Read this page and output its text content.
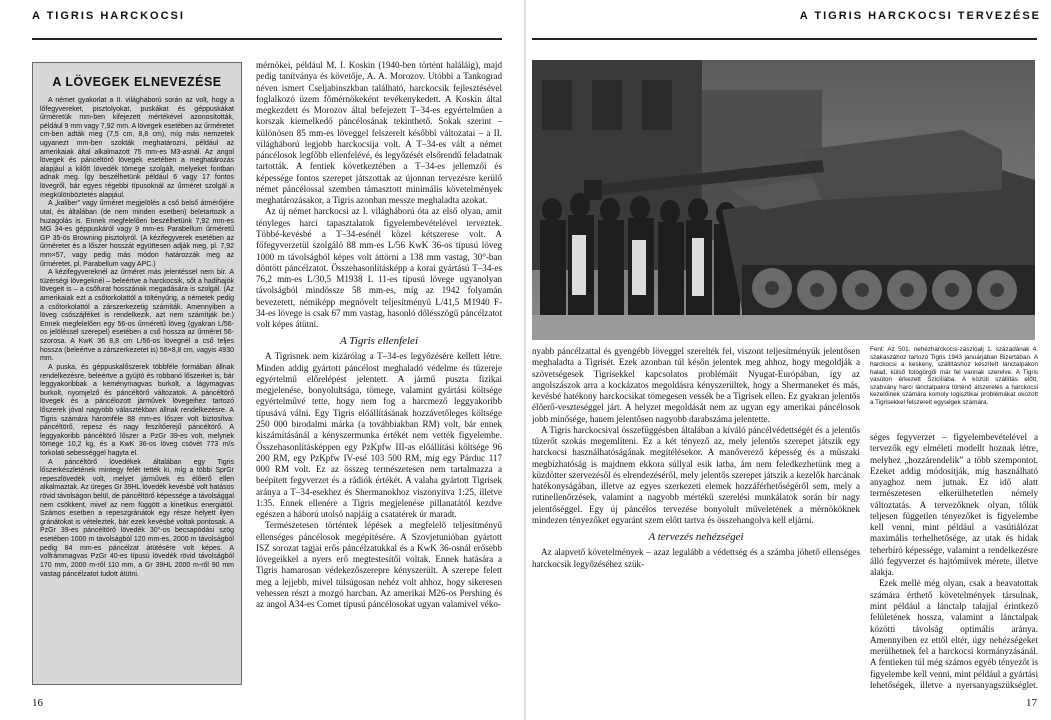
A TIGRIS HARCKOCSI
A LÖVEGEK ELNEVEZÉSE

A német gyakorlat a II. világháború során az volt, hogy a lőfegyvereket, pisztolyokat, puskákat és géppuskákat űrméretük mm-ben kifejezett mértékével azonosították, például 9 mm vagy 7,92 mm. A lövegek esetében az űrméretet cm-ben adták meg (7,5 cm, 8,8 cm), míg más nemzetek ugyanezt mm-ben szokták meghatározni, például az amerikaiak által alkalmazott 75 mm-es M3-asnál. Az angol lövegek és páncéltörő lövegek esetében a meghatározás alapjául a kilőtt lövedék tömege szolgált, melyeket fontban adnak meg. Így beszélhetünk például 6 vagy 17 fontos lövegről, bár egyes régebbi típusoknál az űrméret szolgál a megkülönböztetés alapjául.

A „kaliber” vagy űrméret megjelölés a cső belső átmérőjére utal, és általában (de nem minden esetben) beletartozik a huzagolás is. Ennek megfelelően beszélhetünk 7,92 mm-es MG 34-es géppuskáról vagy 9 mm-es Parabellum űrméretű GP 35-ös Browning pisztolyról. (A kézifegyverek esetében az űrméretet és a lőszer hosszát együttesen adják meg, pl. 7,92 mm×57, vagy pedig más módon határozzák meg az űrméretet, pl. Parabellum vagy APC.)

A kézifegyvereknél az űrméret más jelentéssel nem bír. A tüzérségi lövegeknél – beleértve a harckocsik, sőt a hadihajók lövegeit is – a csőfurat hosszának megadására is szolgál. (Az amerikaiak ezt a csőtorkolattól a töltényűrig, a németek pedig a csőtorkolattól a zárszerkezetig számíták. Amennyiben a löveg csőszájféket is rendelkezik, azt nem számítják be.) Ennek megfelelően egy 56-os űrméretű löveg (gyakran L/56-os jelöléssel szerepel) esetében a cső hossza az űrméret 56-szorosa. A KwK 36 8,8 cm L/56-os lövegnél a cső teljes hossza (beleértve a zárszerkezetet is) 56×8,8 cm, vagyis 4930 mm.

A puska, és géppuskalőszerek többféle formában állnak rendelkezésre, beleértve a gyújtó és robbanó lőszerket is, bár leggyakoribbak a keménymagvas burkolt, a lágymagvas burkolt, nyomjelző és páncéltörő változatok. A páncéltörő lövegek és a páncélozott járművek lövegeihez tartozó lőszerek jóval nagyobb választékban állnak rendelkezésre. A Tigris számára háromféle 88 mm-es lőszer volt biztosítva: páncéltörő, repesz és nagy feszítőerejű páncéltörő. A leggyakoribb páncéltörő lőszer a PzGr 39-es volt, melynek tömege 10,2 kg, és a KwK 36-os löveg csövét 773 m/s torkolati sebességgel hagyta el.

A páncéltörő lövedékek általában egy Tigris lőszerkészletének mintegy felét tették ki, míg a többi SprGr repeszlövedék volt, melyet járművek és élőerő ellen alkalmaztak. Az üreges Gr 39HL lövedék kevésbé volt hatásos rövid távolságon belül, de páncéltörő képessége a távolsággal nem csökkent, mivel az nem függött a kinetikus energiától. Számos esetben a repeszgránátok egy része helyett ilyen gránátokat is vételeztek, bár ezek kevésbé voltak pontosak. A PzGr 39-es páncéltörő lövedék 30°-os becsapódási szög esetében 1000 m távolságból 120 mm-es, 2000 m távolságból pedig 84 mm-es páncélzat átütésére volt képes. A volfrámmagvas PzGr 40-es típusú lövedék rövid távolságból 170 mm, 2000 m-ről 110 mm, a Gr 39HL 2000 m-ről 90 mm vastag páncélzatot tudott átütni.

mérnökei, például M. I. Koskin (1940-ben történt haláláig), majd pedig tanítványa és követője, A. A. Morozov. Utóbbi a Tankograd néven ismert Cseljabinszkban található, harckocsik fejlesztésével foglalkozó üzem főmérnökeként tevékenykedett. A Koskin által megkezdett és Morozov által befejezett T–34-es egyértelműen a korszak kiemelkedő páncélosának tekinthető. Sokak szerint – különösen 85 mm-es löveggel felszerelt későbbi változatai – a II. világháború legjobb harckocsija volt. A T–34-es vált a német páncélosok legfőbb ellenfelévé, és legyőzését elsőrendű feladatnak tartották. A fentiek következtében a T–34-es jellemzői és képessége fontos szerepet játszottak az újonnan tervezésre kerülő német páncélossal szemben támasztott minimális követelmények meghatározásakor, a Tigris azonban messze meghaladta azokat.

Az új német harckocsi az I. világháború óta az első olyan, amit tényleges harci tapasztalatok figyelembevételével terveztek. Többé-kevésbé a T–34-esénél közel kétszerese volt. A főfegyverzetül szolgáló 88 mm-es L/56 KwK 36-os típusú löveg 1000 m távolságból képes volt áttörni a 138 mm vastag, 30°-ban döntött páncélzatot. Összehasonlításképp a korai gyártású T–34-es 76,2 mm-es L/30,5 M1938 L 11-es típusú lövege ugyanolyan távolságból mindössze 58 mm-es, míg az 1942 folyamán bevezetett, némiképp megnövelt teljesítményű L/41,5 M1940 F-34-es lövege is csak 67 mm vastag, hasonló dőlésszögű páncélzatot volt képes átütni.

A Tigris ellenfelei

A Tigrisnek nem kizárólag a T–34-es legyőzésére kellett létre. Minden addig gyártott páncélost meghaladó védelme és tűzereje egyértelmű előrelépést jelentett. A jármű puszta fizikai megjelenése, bonyolultsága, tömege, valamint gyártási költsége egyértelművé tette, hogy nem fog a harcmező leggyakoribb típusává válni. Egy Tigris előállításának hozzávetőleges költsége 250 000 birodalmi márka (a továbbiakban RM) volt, bár ennek kiszámításánál a kényszermunka értékét nem vették figyelembe. Összehasonlításképpen egy PzKpfw III-as előállítási költsége 96 200 RM, egy PzKpfw IV-esé 103 500 RM, míg egy Párduc 117 000 RM volt. Ez az összeg természetesen nem tartalmazza a beépített fegyverzet és a rádiók értékét. A valaha gyártott Tigrisek aránya a T–34-esekhez és Shermanokhoz viszonyítva 1:25, illetve 1:35. Ennek ellenére a Tigris megjelenése pillanatától kezdve egészen a háború utolsó napjáig a csatatérek úr maradt.

Természetesen történtek lépések a megfelelő teljesítményű ellenséges páncélosok megépítésére. A Szovjetunióban gyártott ISZ sorozat tagjai erős páncélzatukkal és a KwK 36-osnál erősebb lövegeikkel a nyers erő megtestesítői voltak. Ennek hatására a Tigris hamarosan védekezőszerepre kényszerült. A szerepe felett meg a lejjebb, mivel túlsúgosan nehéz volt ahhoz, hogy sikeresen vehessen részt a mozgó harcban. Az amerikai M26-os Pershing és az angol A34-es Comet típusú páncélosokat ugyan valamivel véko-

16
A TIGRIS HARCKOCSI TERVEZÉSE

Fent: Az 501. nehézharckocsi-zászlóalj 1. századának 4. szakaszához tartozó Tigris 1943 januárjában Bizertában. A harckocsi a keskeny, szállításhoz készített lánctalpakon halad, külső fotógörgői már fel vannak szerelve. A Tigris vasúton érkezett Szicíliába. A közúti szállítás előtt, szabvány harci lánctalpakra történő átszerelés a harckocsi kezelőinek számára komoly logisztikai problémákat okozott a Tigrisekkel felszerelt egységek számára.

nyabb páncélzattal és gyengébb löveggel szerelték fel, viszont teljesítményük jelentősen meghaladta a Tigrisét. Ezek azonban túl későn jelentek meg ahhoz, hogy megoldják a szövetségesek Tigrisekkel kapcsolatos problémáit Nyugat-Európában, így az angolszászok arra a kockázatos megoldásra kényszerültek, hogy a Shermaneket és más, kevésbé hatékony harckocsikat tömegesen vessék be a Tigrisek ellen. Ez gyakran jelentős élőerő-veszteséggel járt. A helyzet megoldását nem az ugyan egy amerikai páncélosok jobb minősége, hanem jelentősen nagyobb darabszáma jelentette.

A Tigris harckocsival összefüggésben általában a kiváló páncélvédettségét és a jelentős tűzerőt szokás megemlíteni. Ez a két tényező az, mely jelentős szerepet játszik egy harckocsi használhatóságának megítélésekor. A manőverező képesség és a műszaki megbízhatóság is majdnem ekkora súllyal esik latba, ám nem feledkezhetünk meg a küzdötter szervezésől és elrendezéséről, mely jelentős szerepet játszik a kezelők harcának hatékonyságában, illetve az egyes szerkezeti elemek hozzáférhetőségéről sem, mely a rutinellenőrzések, valamint a nagyobb mértékű szerelési munkálatok során bír nagy jelentőséggel. Egy új páncélos tervezése bonyolult műveletének a mérnököknek mindezen tényezőket egyaránt szem előtt tartva és összehangolva kell eljárni.

A tervezés nehézségei

Az alapvető követelmények – azaz legalább a védettség és a számba jöhető ellenséges harckocsik legyőzéséhez szük-

séges fegyverzet – figyelembevételével a tervezők egy elméleti modellt hoznak létre, melyhez „hozzárendelik” a több szempontot. Ezeket addig módosítják, míg használható anyaghoz nem jutnak. Ez idő alatt természetesen elkerülhetetlen némely változtatás. A tervezőknek olyan, tőlük teljesen független tényezőket is figyelembe kell venni, mint például a vasútiálózat maximális terhelhetősége, az utak és hidak teherbíró képessége, valamint a rendelkezésre álló fegyverzet és hajtóművek mérete, illetve alakja.

Ezek mellé még olyan, csak a beavatottak számára érthető követelmények társulnak, mint például a lánctalp talajjal érintkező felületének hossza, valamint a lánctalpak közötti távolság optimális aránya. Amennyiben ez ettől eltér, úgy nehézségeket merülhetnek fel a harckocsi kormányzásánál. A fentieken túl még számos egyéb tényezőt is figyelembe kell venni, mint például a gyártási lehetőségek, illetve a nyersanyagszükséglet.

17
